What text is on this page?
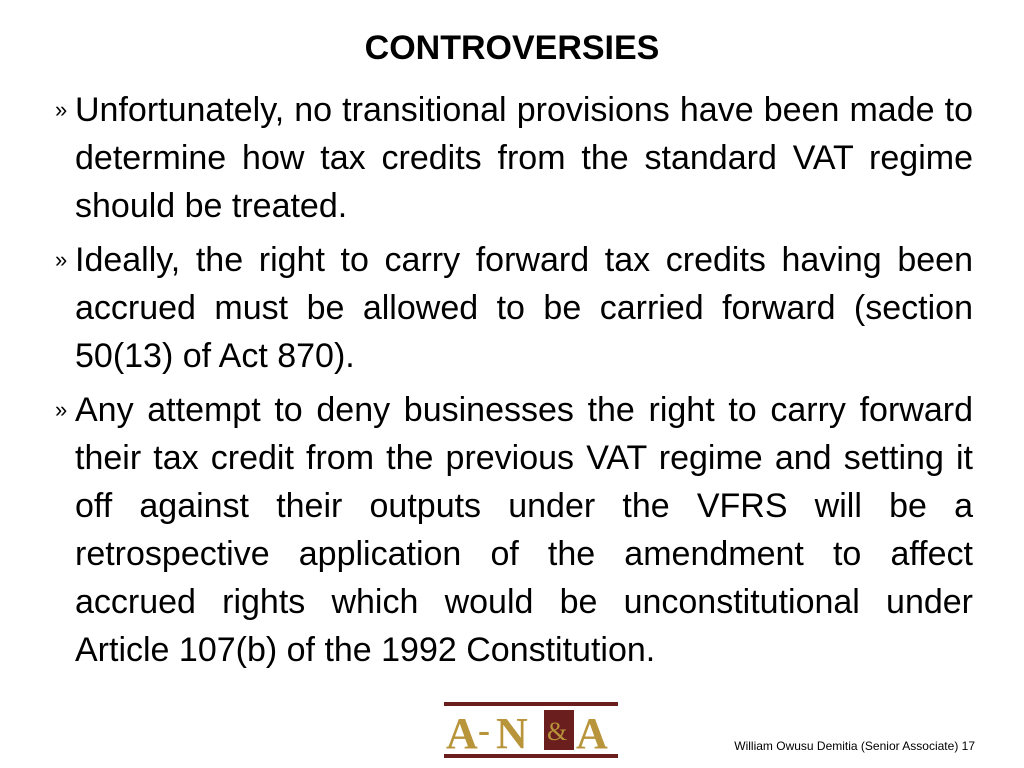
CONTROVERSIES
» Unfortunately, no transitional provisions have been made to determine how tax credits from the standard VAT regime should be treated.
» Ideally, the right to carry forward tax credits having been accrued must be allowed to be carried forward (section 50(13) of Act 870).
» Any attempt to deny businesses the right to carry forward their tax credit from the previous VAT regime and setting it off against their outputs under the VFRS will be a retrospective application of the amendment to affect accrued rights which would be unconstitutional under Article 107(b) of the 1992 Constitution.
A - N & A	William Owusu Demitia (Senior Associate) 17
